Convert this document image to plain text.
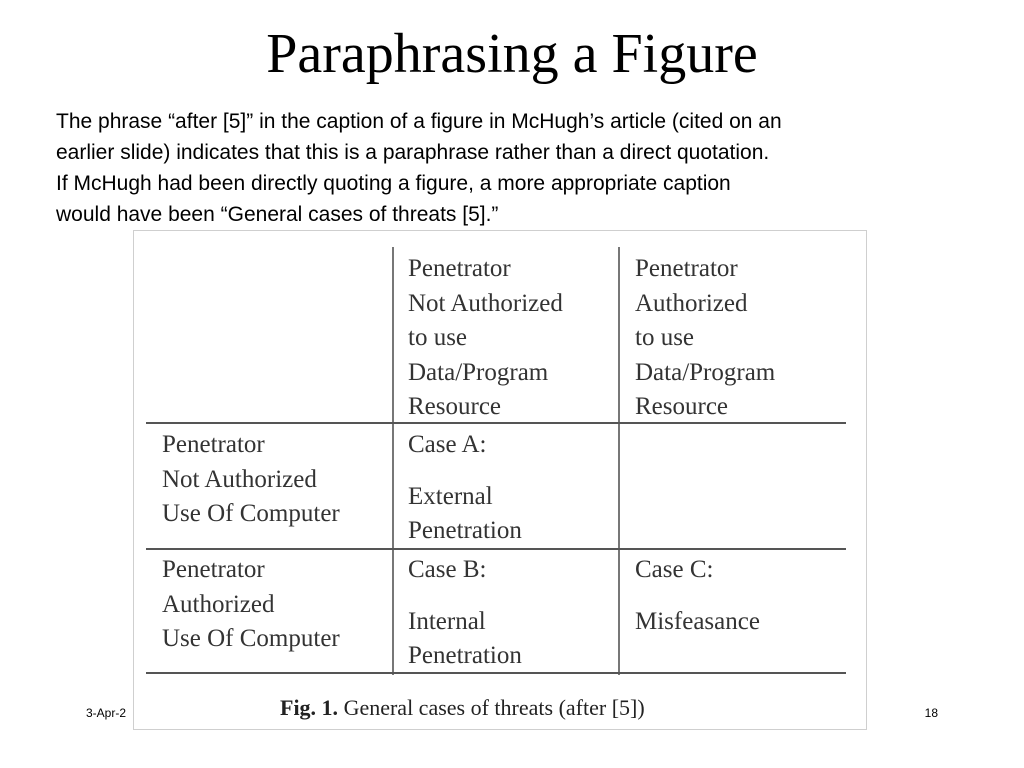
Paraphrasing a Figure
The phrase “after [5]” in the caption of a figure in McHugh’s article (cited on an
earlier slide) indicates that this is a paraphrase rather than a direct quotation.
If McHugh had been directly quoting a figure, a more appropriate caption
would have been “General cases of threats [5].”
Penetrator
Not Authorized
to use
Data/Program
Resource
Penetrator
Authorized
to use
Data/Program
Resource
Penetrator
Not Authorized
Use Of Computer
Case A:
External
Penetration
Penetrator
Authorized
Use Of Computer
Case B:
Internal
Penetration
Case C:
Misfeasance
Fig. 1. General cases of threats (after [5])
3-Apr-2	18
